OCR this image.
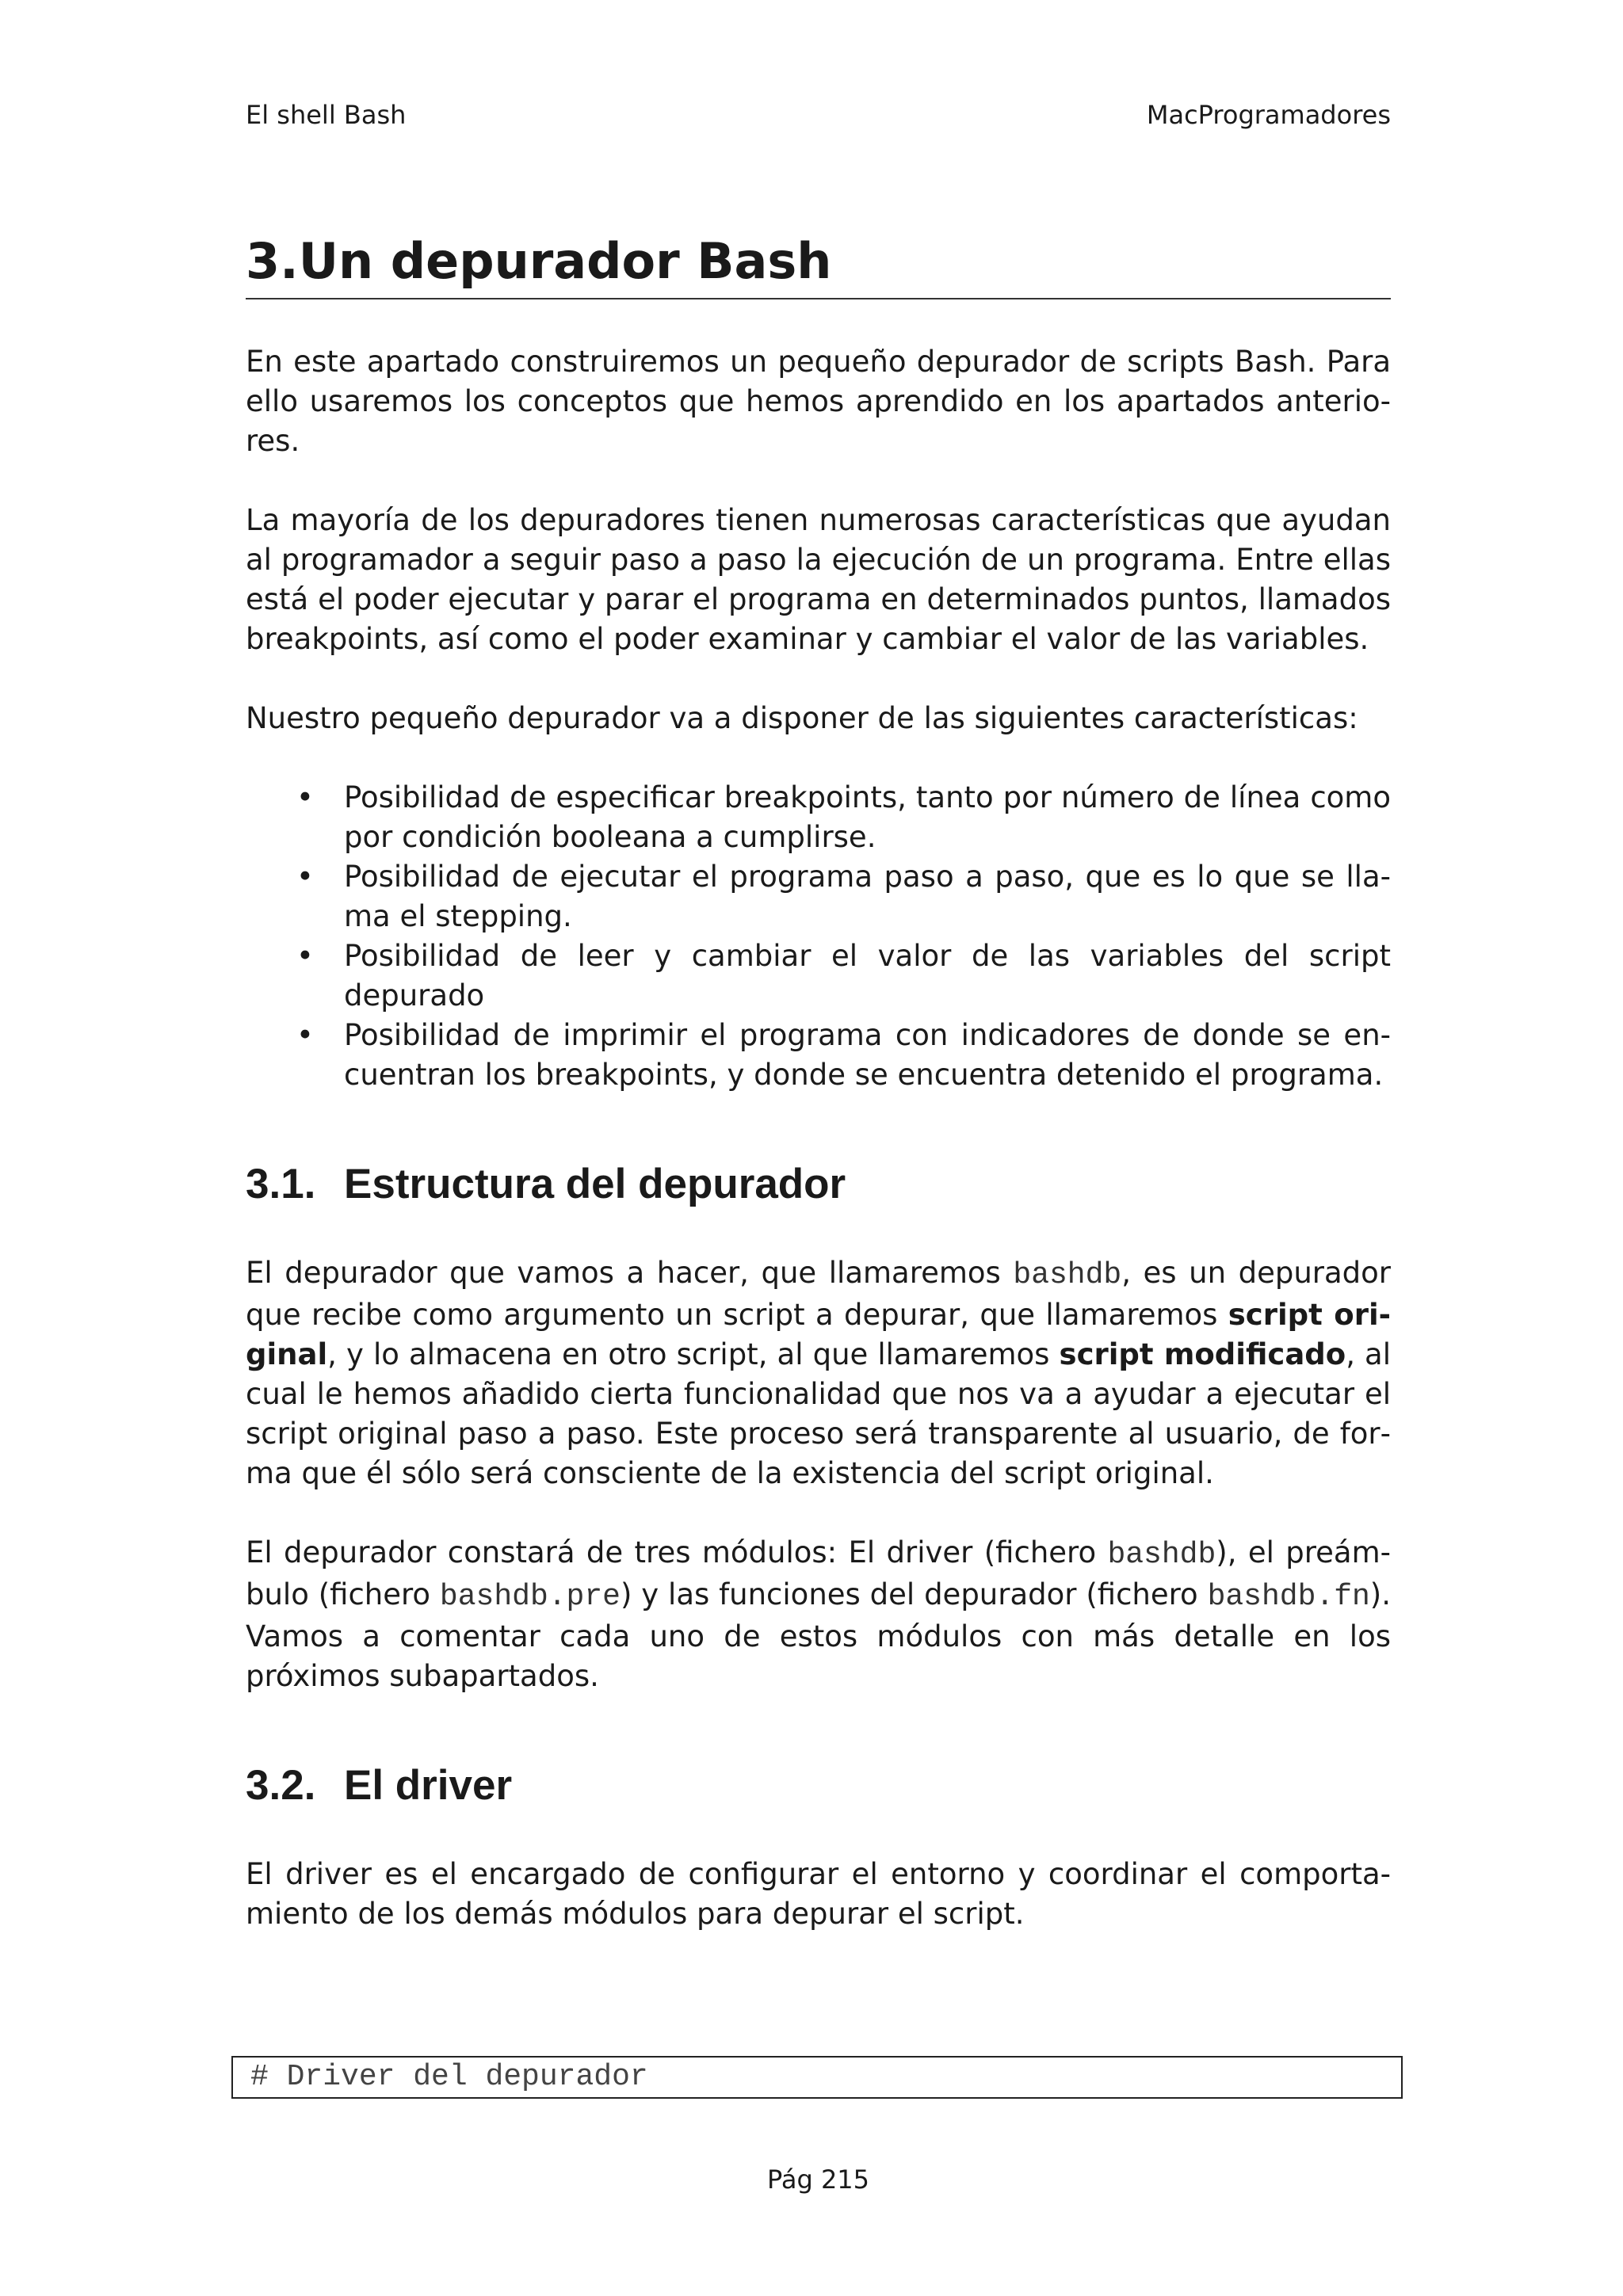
El shell Bash	MacProgramadores
3.Un depurador Bash

En este apartado construiremos un pequeño depurador de scripts Bash. Para ello usaremos los conceptos que hemos aprendido en los apartados anteriores.

La mayoría de los depuradores tienen numerosas características que ayudan al programador a seguir paso a paso la ejecución de un programa. Entre ellas está el poder ejecutar y parar el programa en determinados puntos, llamados breakpoints, así como el poder examinar y cambiar el valor de las variables.

Nuestro pequeño depurador va a disponer de las siguientes características:

• Posibilidad de especificar breakpoints, tanto por número de línea como por condición booleana a cumplirse.
• Posibilidad de ejecutar el programa paso a paso, que es lo que se llama el stepping.
• Posibilidad de leer y cambiar el valor de las variables del script depurado
• Posibilidad de imprimir el programa con indicadores de donde se encuentran los breakpoints, y donde se encuentra detenido el programa.
3.1. Estructura del depurador

El depurador que vamos a hacer, que llamaremos bashdb, es un depurador que recibe como argumento un script a depurar, que llamaremos script original, y lo almacena en otro script, al que llamaremos script modificado, al cual le hemos añadido cierta funcionalidad que nos va a ayudar a ejecutar el script original paso a paso. Este proceso será transparente al usuario, de forma que él sólo será consciente de la existencia del script original.

El depurador constará de tres módulos: El driver (fichero bashdb), el preámbulo (fichero bashdb.pre) y las funciones del depurador (fichero bashdb.fn). Vamos a comentar cada uno de estos módulos con más detalle en los próximos subapartados.

3.2. El driver

El driver es el encargado de configurar el entorno y coordinar el comportamiento de los demás módulos para depurar el script.

# Driver del depurador
Pág 215
